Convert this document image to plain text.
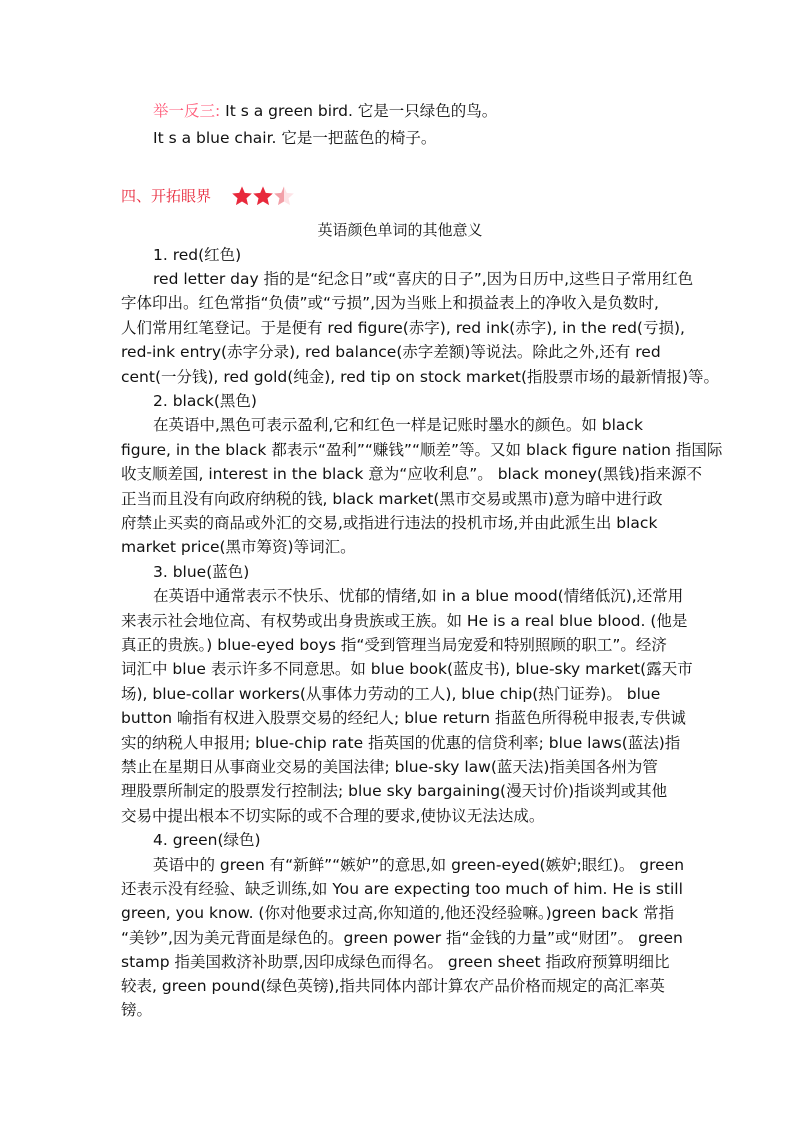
举一反三: It s a green bird. 它是一只绿色的鸟。
It s a blue chair. 它是一把蓝色的椅子。
四、开拓眼界
英语颜色单词的其他意义
1. red(红色)
red letter day 指的是“纪念日”或“喜庆的日子”,因为日历中,这些日子常用红色
字体印出。红色常指“负债”或“亏损”,因为当账上和损益表上的净收入是负数时,
人们常用红笔登记。于是便有 red figure(赤字), red ink(赤字), in the red(亏损),
red-ink entry(赤字分录), red balance(赤字差额)等说法。除此之外,还有 red
cent(一分钱), red gold(纯金), red tip on stock market(指股票市场的最新情报)等。
2. black(黑色)
在英语中,黑色可表示盈利,它和红色一样是记账时墨水的颜色。如 black
figure, in the black 都表示“盈利”“赚钱”“顺差”等。又如 black figure nation 指国际
收支顺差国, interest in the black 意为“应收利息”。 black money(黑钱)指来源不
正当而且没有向政府纳税的钱, black market(黑市交易或黑市)意为暗中进行政
府禁止买卖的商品或外汇的交易,或指进行违法的投机市场,并由此派生出 black
market price(黑市筹资)等词汇。
3. blue(蓝色)
在英语中通常表示不快乐、忧郁的情绪,如 in a blue mood(情绪低沉),还常用
来表示社会地位高、有权势或出身贵族或王族。如 He is a real blue blood. (他是
真正的贵族。) blue-eyed boys 指“受到管理当局宠爱和特别照顾的职工”。经济
词汇中 blue 表示许多不同意思。如 blue book(蓝皮书), blue-sky market(露天市
场), blue-collar workers(从事体力劳动的工人), blue chip(热门证券)。 blue
button 喻指有权进入股票交易的经纪人; blue return 指蓝色所得税申报表,专供诚
实的纳税人申报用; blue-chip rate 指英国的优惠的信贷利率; blue laws(蓝法)指
禁止在星期日从事商业交易的美国法律; blue-sky law(蓝天法)指美国各州为管
理股票所制定的股票发行控制法; blue sky bargaining(漫天讨价)指谈判或其他
交易中提出根本不切实际的或不合理的要求,使协议无法达成。
4. green(绿色)
英语中的 green 有“新鲜”“嫉妒”的意思,如 green-eyed(嫉妒;眼红)。 green
还表示没有经验、缺乏训练,如 You are expecting too much of him. He is still
green, you know. (你对他要求过高,你知道的,他还没经验嘛。)green back 常指
“美钞”,因为美元背面是绿色的。green power 指“金钱的力量”或“财团”。 green
stamp 指美国救济补助票,因印成绿色而得名。 green sheet 指政府预算明细比
较表, green pound(绿色英镑),指共同体内部计算农产品价格而规定的高汇率英
镑。
